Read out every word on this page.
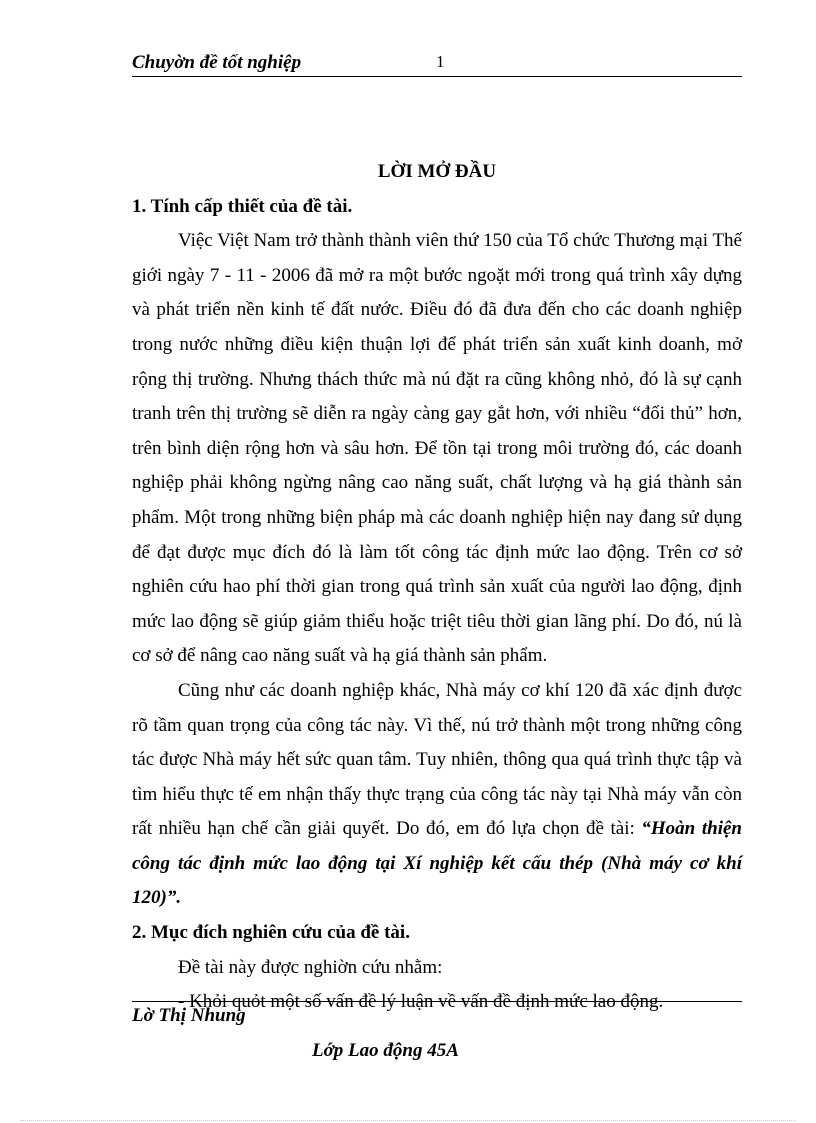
Chuyờn đề tốt nghiệp	1

LỜI MỞ ĐẦU

1. Tính cấp thiết của đề tài.

Việc Việt Nam trở thành thành viên thứ 150 của Tổ chức Thương mại Thế giới ngày 7 - 11 - 2006 đã mở ra một bước ngoặt mới trong quá trình xây dựng và phát triển nền kinh tế đất nước. Điều đó đã đưa đến cho các doanh nghiệp trong nước những điều kiện thuận lợi để phát triển sản xuất kinh doanh, mở rộng thị trường. Nhưng thách thức mà nú đặt ra cũng không nhỏ, đó là sự cạnh tranh trên thị trường sẽ diễn ra ngày càng gay gắt hơn, với nhiều “đối thủ” hơn, trên bình diện rộng hơn và sâu hơn. Để tồn tại trong môi trường đó, các doanh nghiệp phải không ngừng nâng cao năng suất, chất lượng và hạ giá thành sản phẩm. Một trong những biện pháp mà các doanh nghiệp hiện nay đang sử dụng để đạt được mục đích đó là làm tốt công tác định mức lao động. Trên cơ sở nghiên cứu hao phí thời gian trong quá trình sản xuất của người lao động, định mức lao động sẽ giúp giảm thiểu hoặc triệt tiêu thời gian lãng phí. Do đó, nú là cơ sở để nâng cao năng suất và hạ giá thành sản phẩm.

Cũng như các doanh nghiệp khác, Nhà máy cơ khí 120 đã xác định được rõ tầm quan trọng của công tác này. Vì thế, nú trở thành một trong những công tác được Nhà máy hết sức quan tâm. Tuy nhiên, thông qua quá trình thực tập và tìm hiểu thực tế em nhận thấy thực trạng của công tác này tại Nhà máy vẫn còn rất nhiều hạn chế cần giải quyết. Do đó, em đó lựa chọn đề tài: “Hoàn thiện công tác định mức lao động tại Xí nghiệp kết cấu thép (Nhà máy cơ khí 120)”.

2. Mục đích nghiên cứu của đề tài.

Đề tài này được nghiờn cứu nhằm:

- Khỏi quỏt một số vấn đề lý luận về vấn đề định mức lao động.

Lờ Thị Nhung
Lớp Lao động 45A
